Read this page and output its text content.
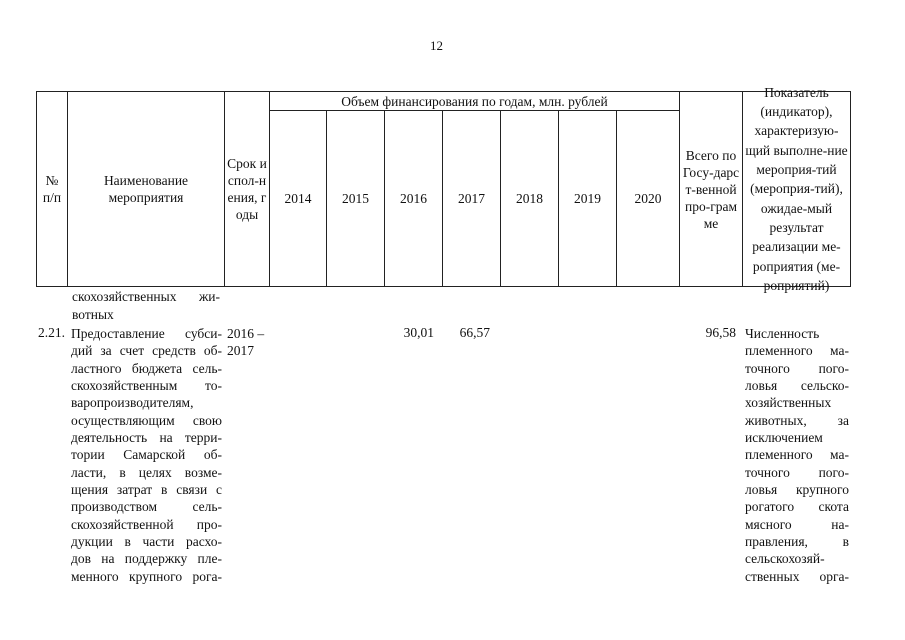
12
№ п/п
Наименование мероприятия
Срок испол-нения, годы
Объем финансирования по годам, млн. рублей
2014 2015 2016 2017 2018 2019 2020
Всего по Госу-дарст-венной про-грамме
Показатель (индикатор), характеризую-щий выполне-ние мероприя-тий (мероприя-тий), ожидае-мый результат реализации ме-роприятия (ме-роприятий)
скохозяйственных жи-
вотных
2.21. Предоставление субси-
дий за счет средств об-
ластного бюджета сель-
скохозяйственным то-
варопроизводителям,
осуществляющим свою
деятельность на терри-
тории Самарской об-
ласти, в целях возме-
щения затрат в связи с
производством сель-
скохозяйственной про-
дукции в части расхо-
дов на поддержку пле-
менного крупного рога-
2016 –
2017
30,01	66,57	96,58 Численность
племенного ма-
точного пого-
ловья сельско-
хозяйственных
животных, за
исключением
племенного ма-
точного пого-
ловья крупного
рогатого скота
мясного на-
правления, в
сельскохозяй-
ственных орга-
